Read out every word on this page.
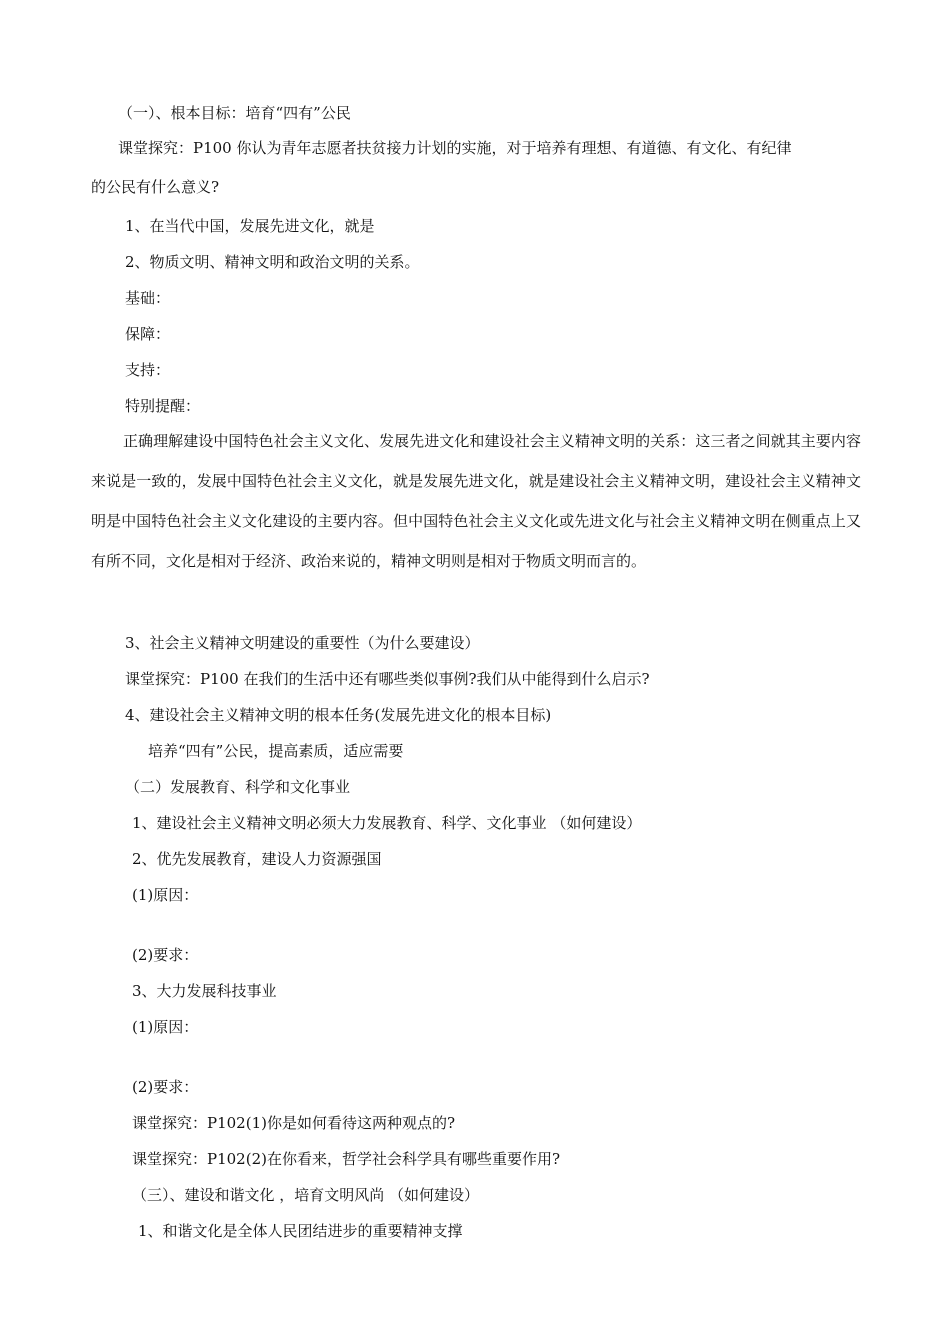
（一）、根本目标：培育“四有”公民
课堂探究：P100 你认为青年志愿者扶贫接力计划的实施，对于培养有理想、有道德、有文化、有纪律
的公民有什么意义?
1、在当代中国，发展先进文化，就是
2、物质文明、精神文明和政治文明的关系。
基础：
保障：
支持：
特别提醒：
正确理解建设中国特色社会主义文化、发展先进文化和建设社会主义精神文明的关系：这三者之间就其主要内容来说是一致的，发展中国特色社会主义文化，就是发展先进文化，就是建设社会主义精神文明，建设社会主义精神文明是中国特色社会主义文化建设的主要内容。但中国特色社会主义文化或先进文化与社会主义精神文明在侧重点上又有所不同，文化是相对于经济、政治来说的，精神文明则是相对于物质文明而言的。
3、社会主义精神文明建设的重要性（为什么要建设）
课堂探究：P100 在我们的生活中还有哪些类似事例?我们从中能得到什么启示?
4、建设社会主义精神文明的根本任务(发展先进文化的根本目标)
培养“四有”公民，提高素质，适应需要
（二）发展教育、科学和文化事业
1、建设社会主义精神文明必须大力发展教育、科学、文化事业 （如何建设）
2、优先发展教育，建设人力资源强国
(1)原因：
(2)要求：
3、大力发展科技事业
(1)原因：
(2)要求：
课堂探究：P102(1)你是如何看待这两种观点的?
课堂探究：P102(2)在你看来，哲学社会科学具有哪些重要作用?
（三）、建设和谐文化 ，培育文明风尚 （如何建设）
1、和谐文化是全体人民团结进步的重要精神支撑
